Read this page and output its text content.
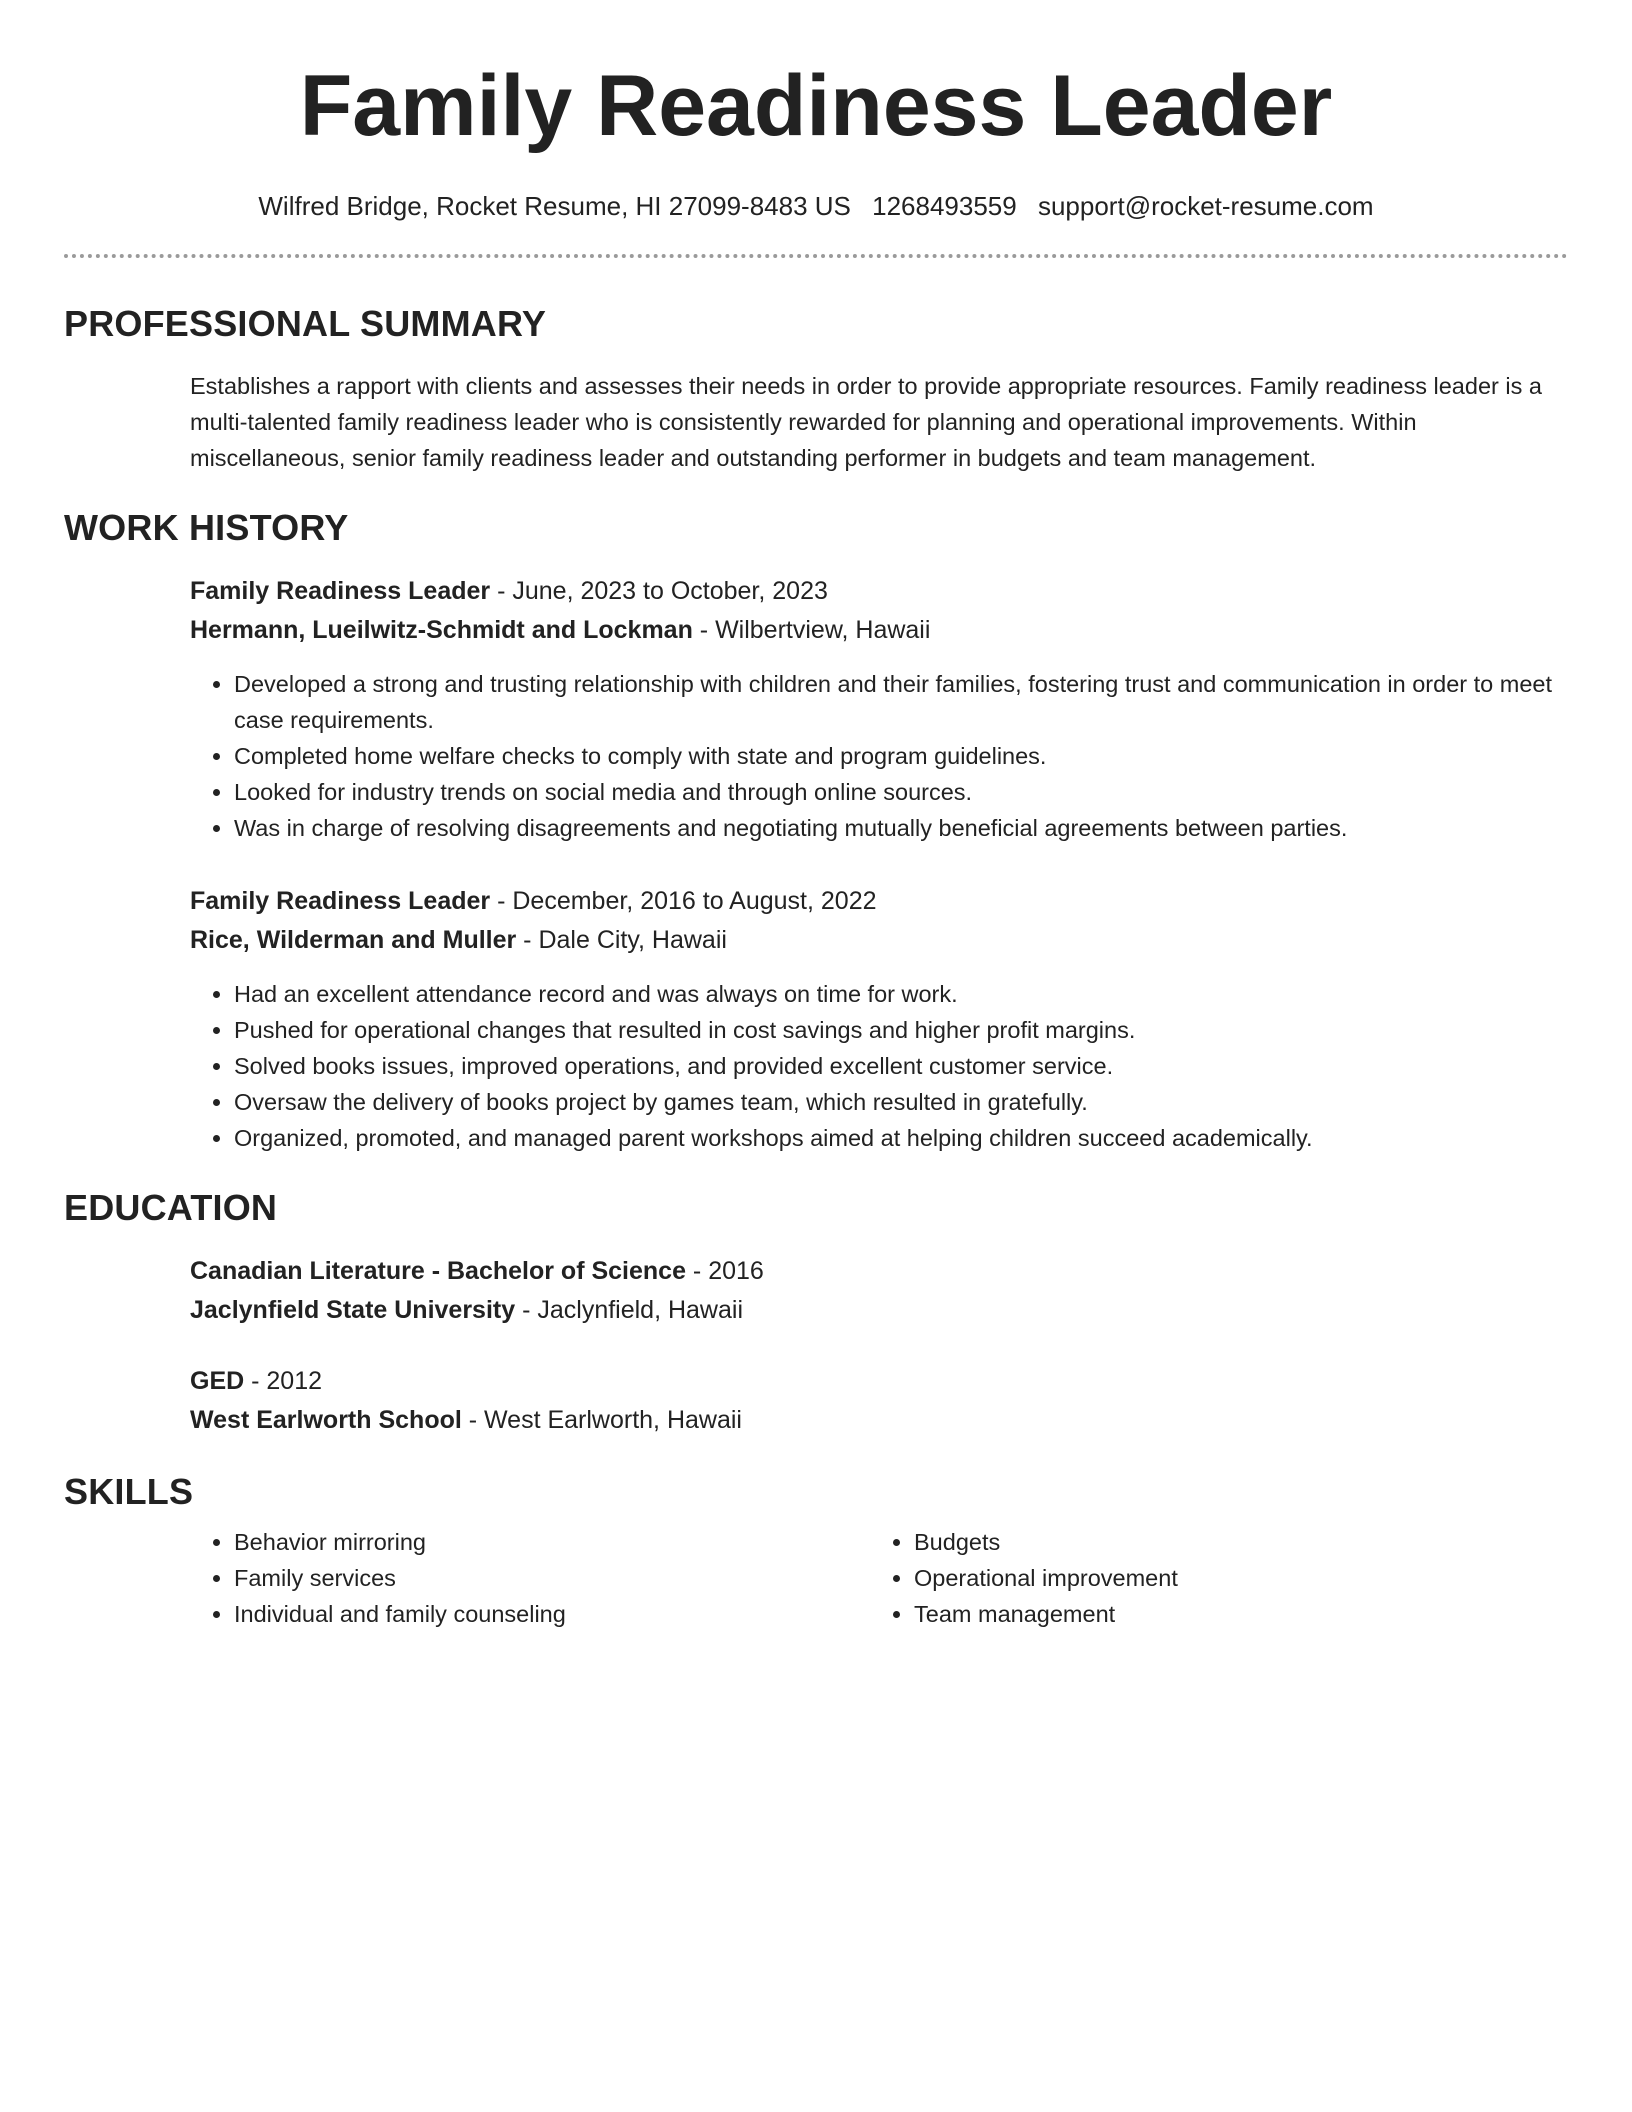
Family Readiness Leader
Wilfred Bridge, Rocket Resume, HI 27099-8483 US 1268493559 support@rocket-resume.com
PROFESSIONAL SUMMARY

Establishes a rapport with clients and assesses their needs in order to provide appropriate resources. Family readiness leader is a multi-talented family readiness leader who is consistently rewarded for planning and operational improvements. Within miscellaneous, senior family readiness leader and outstanding performer in budgets and team management.

WORK HISTORY
Family Readiness Leader - June, 2023 to October, 2023
Hermann, Lueilwitz-Schmidt and Lockman - Wilbertview, Hawaii
• Developed a strong and trusting relationship with children and their families, fostering trust and communication in order to meet case requirements.
• Completed home welfare checks to comply with state and program guidelines.
• Looked for industry trends on social media and through online sources.
• Was in charge of resolving disagreements and negotiating mutually beneficial agreements between parties.
Family Readiness Leader - December, 2016 to August, 2022
Rice, Wilderman and Muller - Dale City, Hawaii
• Had an excellent attendance record and was always on time for work.
• Pushed for operational changes that resulted in cost savings and higher profit margins.
• Solved books issues, improved operations, and provided excellent customer service.
• Oversaw the delivery of books project by games team, which resulted in gratefully.
• Organized, promoted, and managed parent workshops aimed at helping children succeed academically.
EDUCATION
Canadian Literature - Bachelor of Science - 2016
Jaclynfield State University - Jaclynfield, Hawaii
GED - 2012
West Earlworth School - West Earlworth, Hawaii
SKILLS
• Behavior mirroring
• Family services
• Individual and family counseling
• Budgets
• Operational improvement
• Team management
